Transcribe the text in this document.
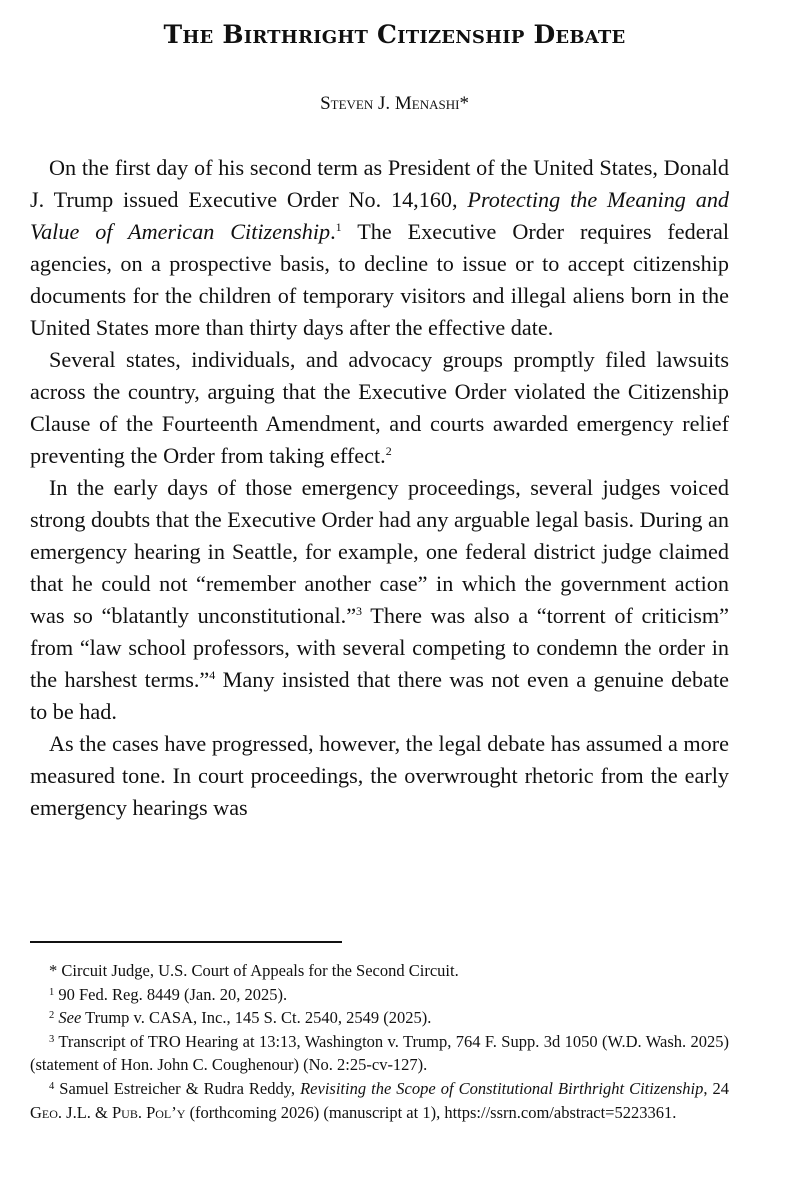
The Birthright Citizenship Debate
Steven J. Menashi*

On the first day of his second term as President of the United States, Donald J. Trump issued Executive Order No. 14,160, Protecting the Meaning and Value of American Citizenship.$^1$ The Executive Order requires federal agencies, on a prospective basis, to decline to issue or to accept citizenship documents for the children of temporary visitors and illegal aliens born in the United States more than thirty days after the effective date.

Several states, individuals, and advocacy groups promptly filed lawsuits across the country, arguing that the Executive Order violated the Citizenship Clause of the Fourteenth Amendment, and courts awarded emergency relief preventing the Order from taking effect.$^2$

In the early days of those emergency proceedings, several judges voiced strong doubts that the Executive Order had any arguable legal basis. During an emergency hearing in Seattle, for example, one federal district judge claimed that he could not “remember another case” in which the government action was so “blatantly unconstitutional.”$^3$ There was also a “torrent of criticism” from “law school professors, with several competing to condemn the order in the harshest terms.”$^4$ Many insisted that there was not even a genuine debate to be had.

As the cases have progressed, however, the legal debate has assumed a more measured tone. In court proceedings, the overwrought rhetoric from the early emergency hearings was

* Circuit Judge, U.S. Court of Appeals for the Second Circuit.

$^1$ 90 Fed. Reg. 8449 (Jan. 20, 2025).

$^2$ See Trump v. CASA, Inc., 145 S. Ct. 2540, 2549 (2025).

$^3$ Transcript of TRO Hearing at 13:13, Washington v. Trump, 764 F. Supp. 3d 1050 (W.D. Wash. 2025) (statement of Hon. John C. Coughenour) (No. 2:25-cv-127).

$^4$ Samuel Estreicher & Rudra Reddy, Revisiting the Scope of Constitutional Birthright Citizenship, 24 Geo. J.L. & Pub. Pol’y (forthcoming 2026) (manuscript at 1), https://ssrn.com/abstract=5223361.
